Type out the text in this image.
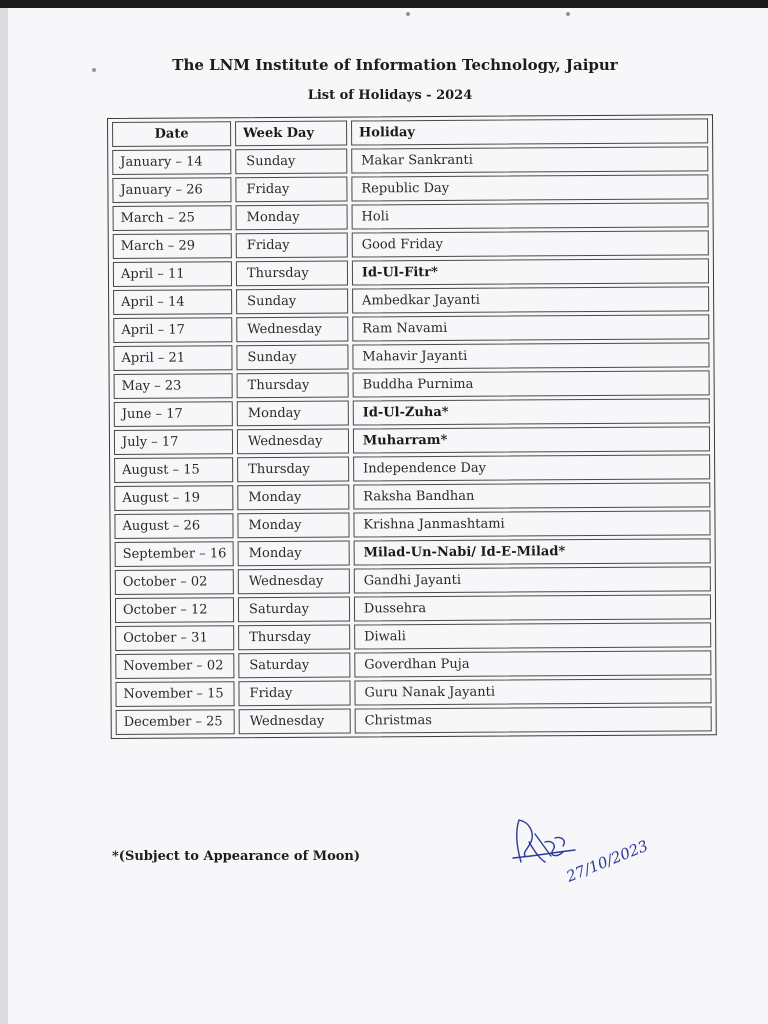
The LNM Institute of Information Technology, Jaipur
List of Holidays - 2024
Date	Week Day	Holiday
January – 14	Sunday	Makar Sankranti
January – 26	Friday	Republic Day
March – 25	Monday	Holi
March – 29	Friday	Good Friday
April – 11	Thursday	Id-Ul-Fitr*
April – 14	Sunday	Ambedkar Jayanti
April – 17	Wednesday	Ram Navami
April – 21	Sunday	Mahavir Jayanti
May – 23	Thursday	Buddha Purnima
June – 17	Monday	Id-Ul-Zuha*
July – 17	Wednesday	Muharram*
August – 15	Thursday	Independence Day
August – 19	Monday	Raksha Bandhan
August – 26	Monday	Krishna Janmashtami
September – 16	Monday	Milad-Un-Nabi/ Id-E-Milad*
October – 02	Wednesday	Gandhi Jayanti
October – 12	Saturday	Dussehra
October – 31	Thursday	Diwali
November – 02	Saturday	Goverdhan Puja
November – 15	Friday	Guru Nanak Jayanti
December – 25	Wednesday	Christmas
*(Subject to Appearance of Moon)	27/10/2023
